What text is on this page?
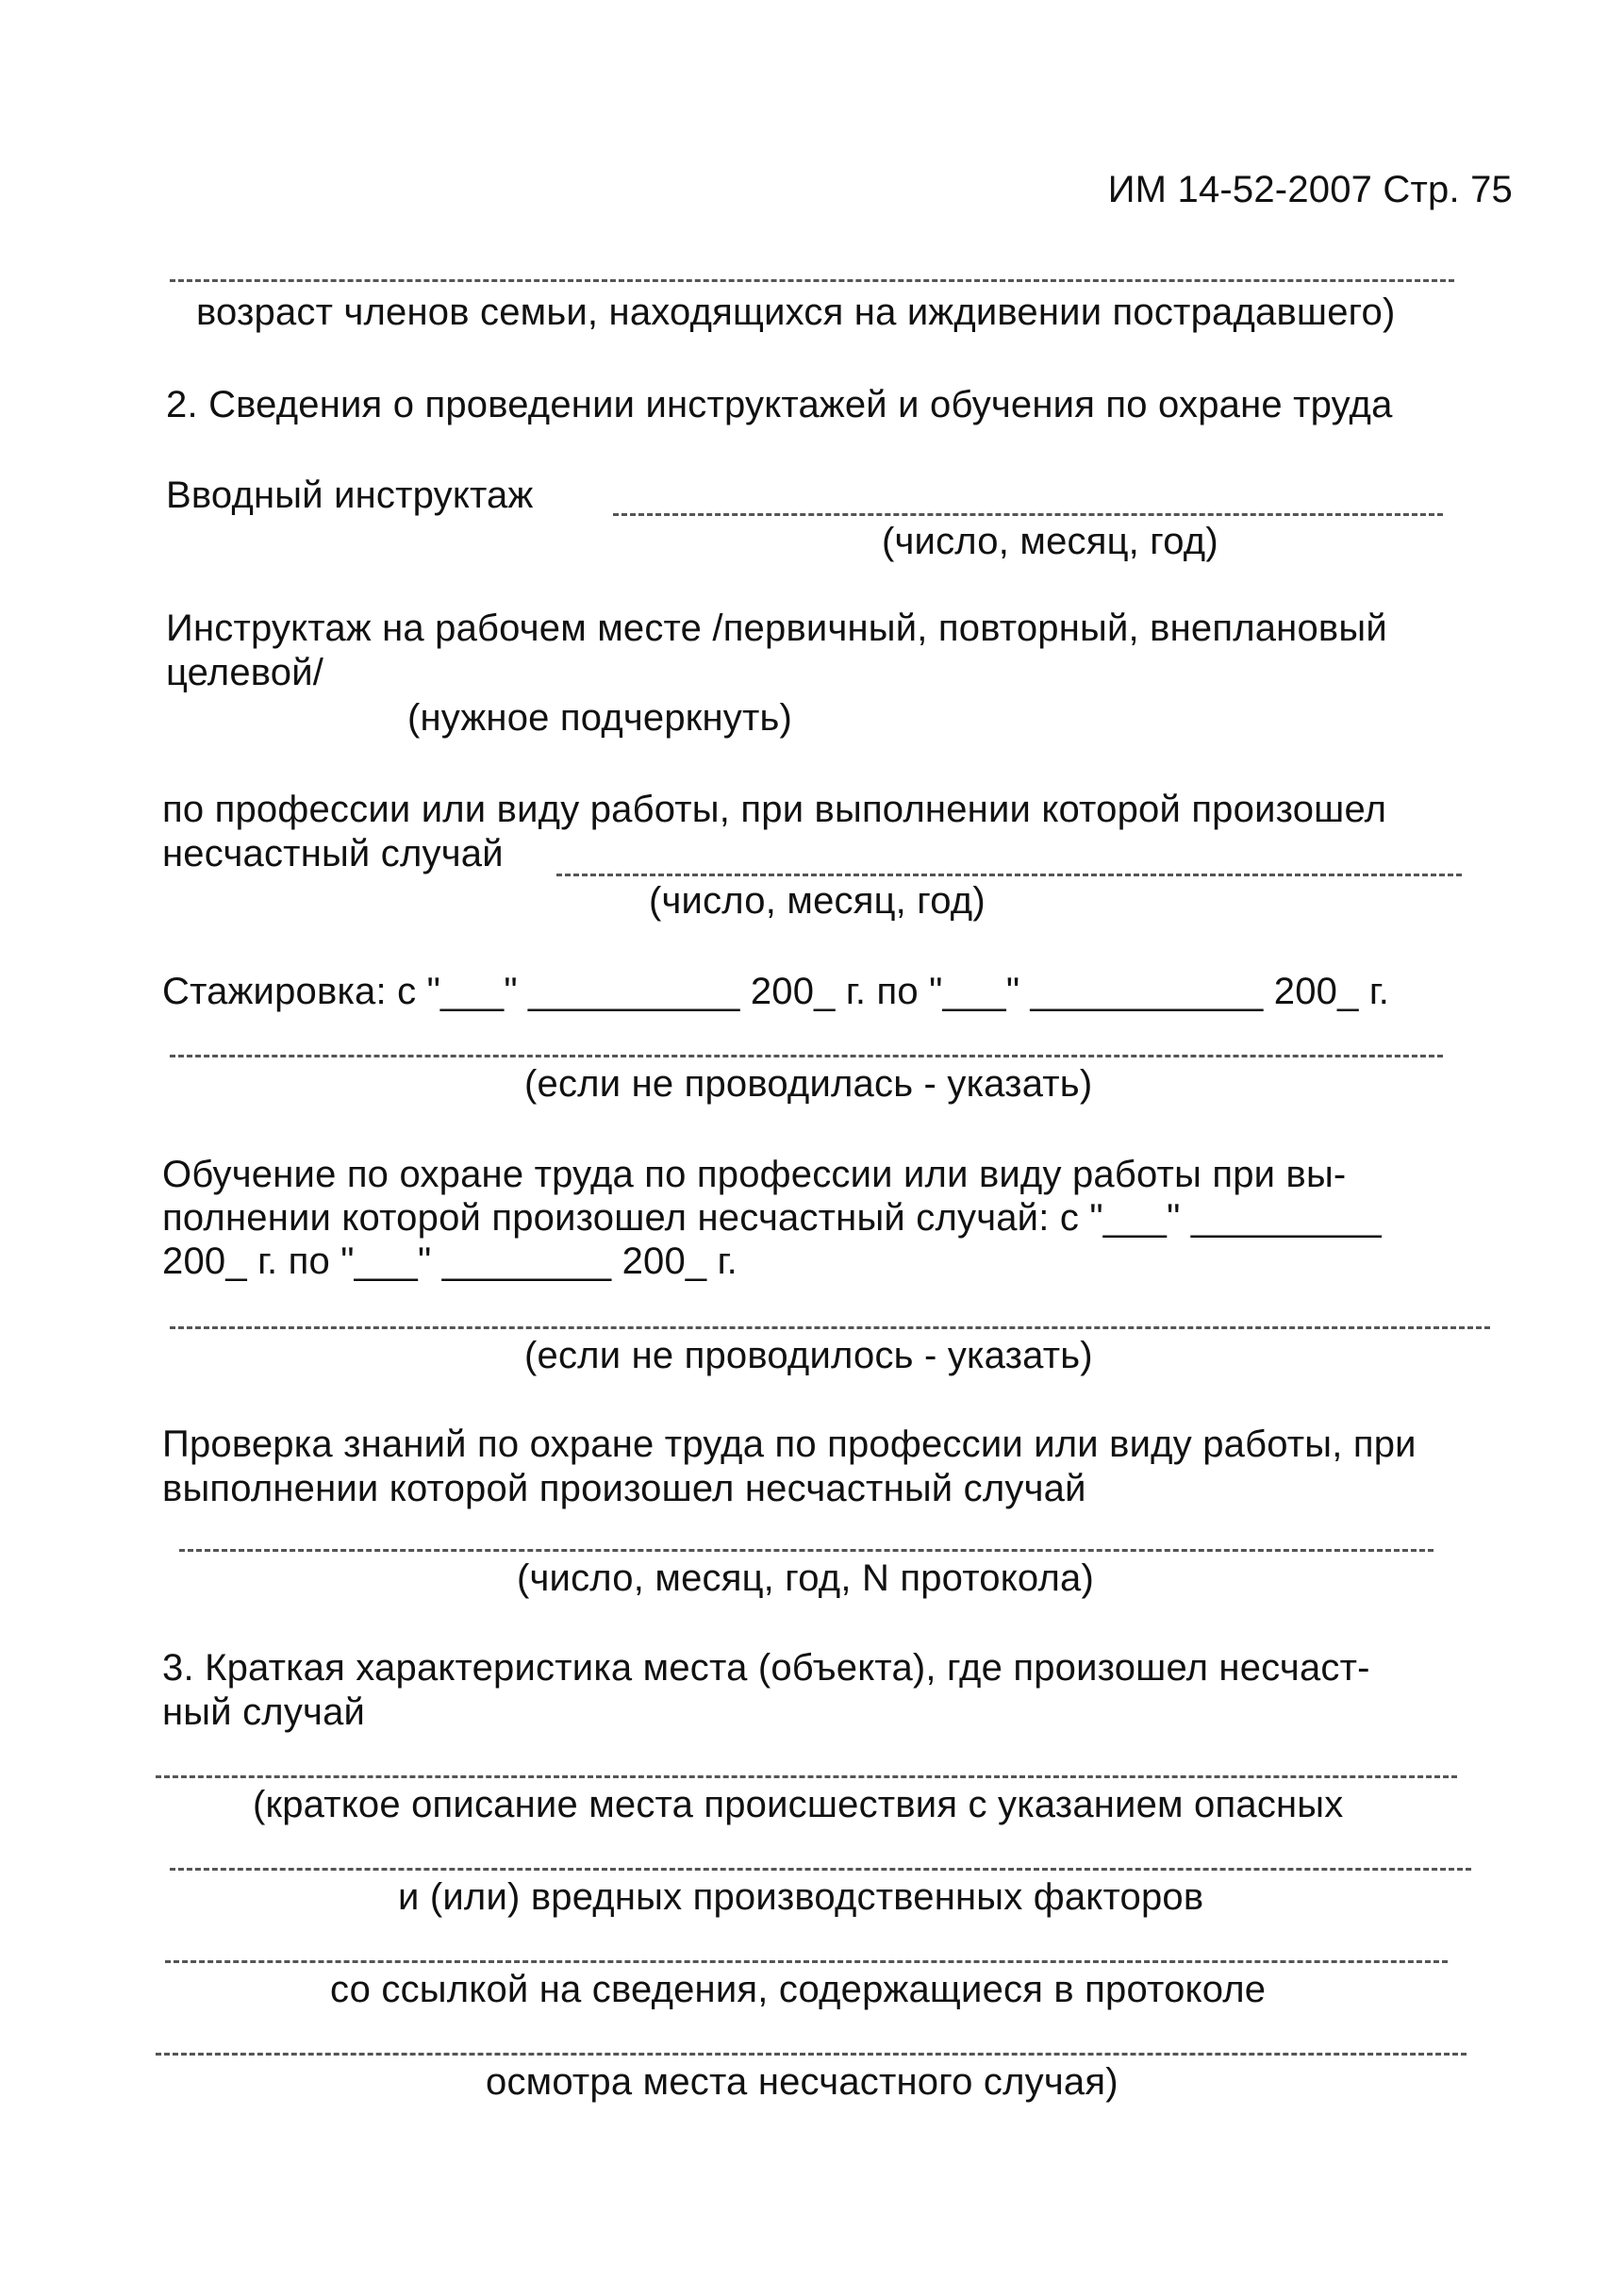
ИМ 14-52-2007 Стр. 75
возраст членов семьи, находящихся на иждивении пострадавшего)
2. Сведения о проведении инструктажей и обучения по охране труда
Вводный инструктаж
(число, месяц, год)
Инструктаж на рабочем месте /первичный, повторный, внеплановый
целевой/
(нужное подчеркнуть)
по профессии или виду работы, при выполнении которой произошел
несчастный случай
(число, месяц, год)
Стажировка: с "___" __________ 200_ г. по "___" ___________ 200_ г.
(если не проводилась - указать)
Обучение по охране труда по профессии или виду работы при вы-
полнении которой произошел несчастный случай: с "___" _________
200_ г. по "___" ________ 200_ г.
(если не проводилось - указать)
Проверка знаний по охране труда по профессии или виду работы, при
выполнении которой произошел несчастный случай
(число, месяц, год, N протокола)
3. Краткая характеристика места (объекта), где произошел несчаст-
ный случай
(краткое описание места происшествия с указанием опасных
и (или) вредных производственных факторов
со ссылкой на сведения, содержащиеся в протоколе
осмотра места несчастного случая)
